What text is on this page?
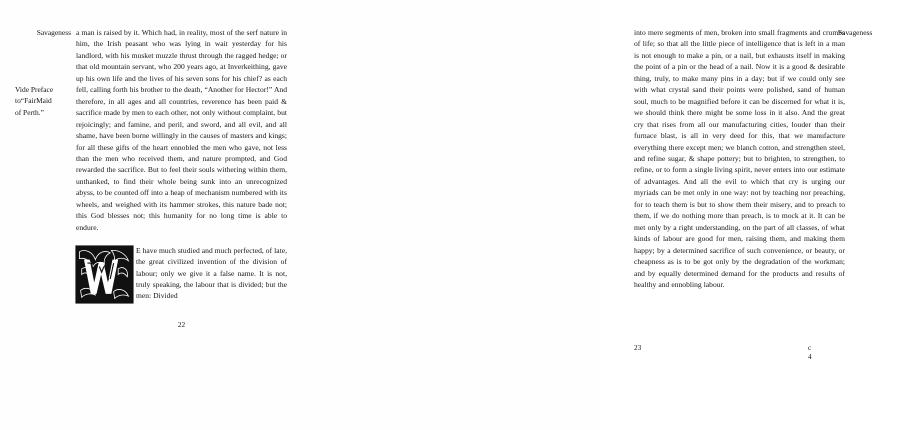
Savageness
Vide Preface
to“FairMaid
of Perth.”

a man is raised by it. Which had, in reality, most of the serf nature in him, the Irish peasant who was lying in wait yesterday for his landlord, with his musket muzzle thrust through the ragged hedge; or that old mountain servant, who 200 years ago, at Inverkeithing, gave up his own life and the lives of his seven sons for his chief? as each fell, calling forth his brother to the death, “Another for Hector!” And therefore, in all ages and all countries, reverence has been paid & sacrifice made by men to each other, not only without complaint, but rejoicingly; and famine, and peril, and sword, and all evil, and all shame, have been borne willingly in the causes of masters and kings; for all these gifts of the heart ennobled the men who gave, not less than the men who received them, and nature prompted, and God rewarded the sacrifice. But to feel their souls withering within them, unthanked, to find their whole being sunk into an unrecognized abyss, to be counted off into a heap of mechanism numbered with its wheels, and weighed with its hammer strokes, this nature bade not; this God blesses not; this humanity for no long time is able to endure.

E have much studied and much perfected, of late, the great civilized invention of the division of labour; only we give it a false name. It is not, truly speaking, the labour that is divided; but the men: Divided

22
Savageness

into mere segments of men, broken into small fragments and crumbs of life; so that all the little piece of intelligence that is left in a man is not enough to make a pin, or a nail, but exhausts itself in making the point of a pin or the head of a nail. Now it is a good & desirable thing, truly, to make many pins in a day; but if we could only see with what crystal sand their points were polished, sand of human soul, much to be magnified before it can be discerned for what it is, we should think there might be some loss in it also. And the great cry that rises from all our manufacturing cities, louder than their furnace blast, is all in very deed for this, that we manufacture everything there except men; we blanch cotton, and strengthen steel, and refine sugar, & shape pottery; but to brighten, to strengthen, to refine, or to form a single living spirit, never enters into our estimate of advantages. And all the evil to which that cry is urging our myriads can be met only in one way: not by teaching nor preaching, for to teach them is but to show them their misery, and to preach to them, if we do nothing more than preach, is to mock at it. It can be met only by a right understanding, on the part of all classes, of what kinds of labour are good for men, raising them, and making them happy; by a determined sacrifice of such convenience, or beauty, or cheapness as is to be got only by the degradation of the workman; and by equally determined demand for the products and results of healthy and ennobling labour.

23	c 4
